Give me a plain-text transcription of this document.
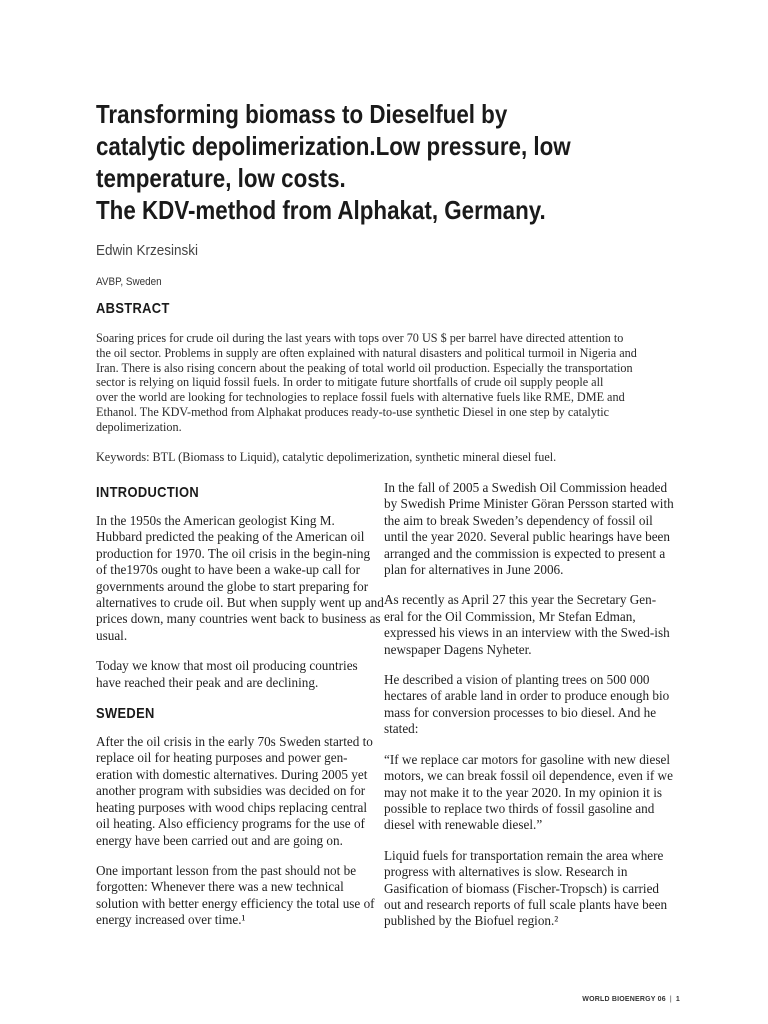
Transforming biomass to Dieselfuel by
catalytic depolimerization.Low pressure, low
temperature, low costs.
The KDV-method from Alphakat, Germany.
Edwin Krzesinski
AVBP, Sweden
ABSTRACT

Soaring prices for crude oil during the last years with tops over 70 US $ per barrel have directed attention to

the oil sector. Problems in supply are often explained with natural disasters and political turmoil in Nigeria and

Iran. There is also rising concern about the peaking of total world oil production. Especially the transportation

sector is relying on liquid fossil fuels. In order to mitigate future shortfalls of crude oil supply people all

over the world are looking for technologies to replace fossil fuels with alternative fuels like RME, DME and

Ethanol. The KDV-method from Alphakat produces ready-to-use synthetic Diesel in one step by catalytic

depolimerization.

Keywords: BTL (Biomass to Liquid), catalytic depolimerization, synthetic mineral diesel fuel.
INTRODUCTION

In the 1950s the American geologist King M. Hubbard predicted the peaking of the American oil production for 1970. The oil crisis in the begin-ning of the1970s ought to have been a wake-up call for governments around the globe to start preparing for alternatives to crude oil. But when supply went up and prices down, many countries went back to business as usual.

Today we know that most oil producing countries have reached their peak and are declining.

SWEDEN

After the oil crisis in the early 70s Sweden started to replace oil for heating purposes and power gen-eration with domestic alternatives. During 2005 yet another program with subsidies was decided on for heating purposes with wood chips replacing central oil heating. Also efficiency programs for the use of energy have been carried out and are going on.

One important lesson from the past should not be forgotten: Whenever there was a new technical solution with better energy efficiency the total use of energy increased over time.¹

In the fall of 2005 a Swedish Oil Commission headed by Swedish Prime Minister Göran Persson started with the aim to break Sweden’s dependency of fossil oil until the year 2020. Several public hearings have been arranged and the commission is expected to present a plan for alternatives in June 2006.

As recently as April 27 this year the Secretary Gen-eral for the Oil Commission, Mr Stefan Edman, expressed his views in an interview with the Swed-ish newspaper Dagens Nyheter.

He described a vision of planting trees on 500 000 hectares of arable land in order to produce enough bio mass for conversion processes to bio diesel. And he stated:

“If we replace car motors for gasoline with new diesel motors, we can break fossil oil dependence, even if we may not make it to the year 2020. In my opinion it is possible to replace two thirds of fossil gasoline and diesel with renewable diesel.”

Liquid fuels for transportation remain the area where progress with alternatives is slow. Research in Gasification of biomass (Fischer-Tropsch) is carried out and research reports of full scale plants have been published by the Biofuel region.²

WORLD BIOENERGY 06 | 1
